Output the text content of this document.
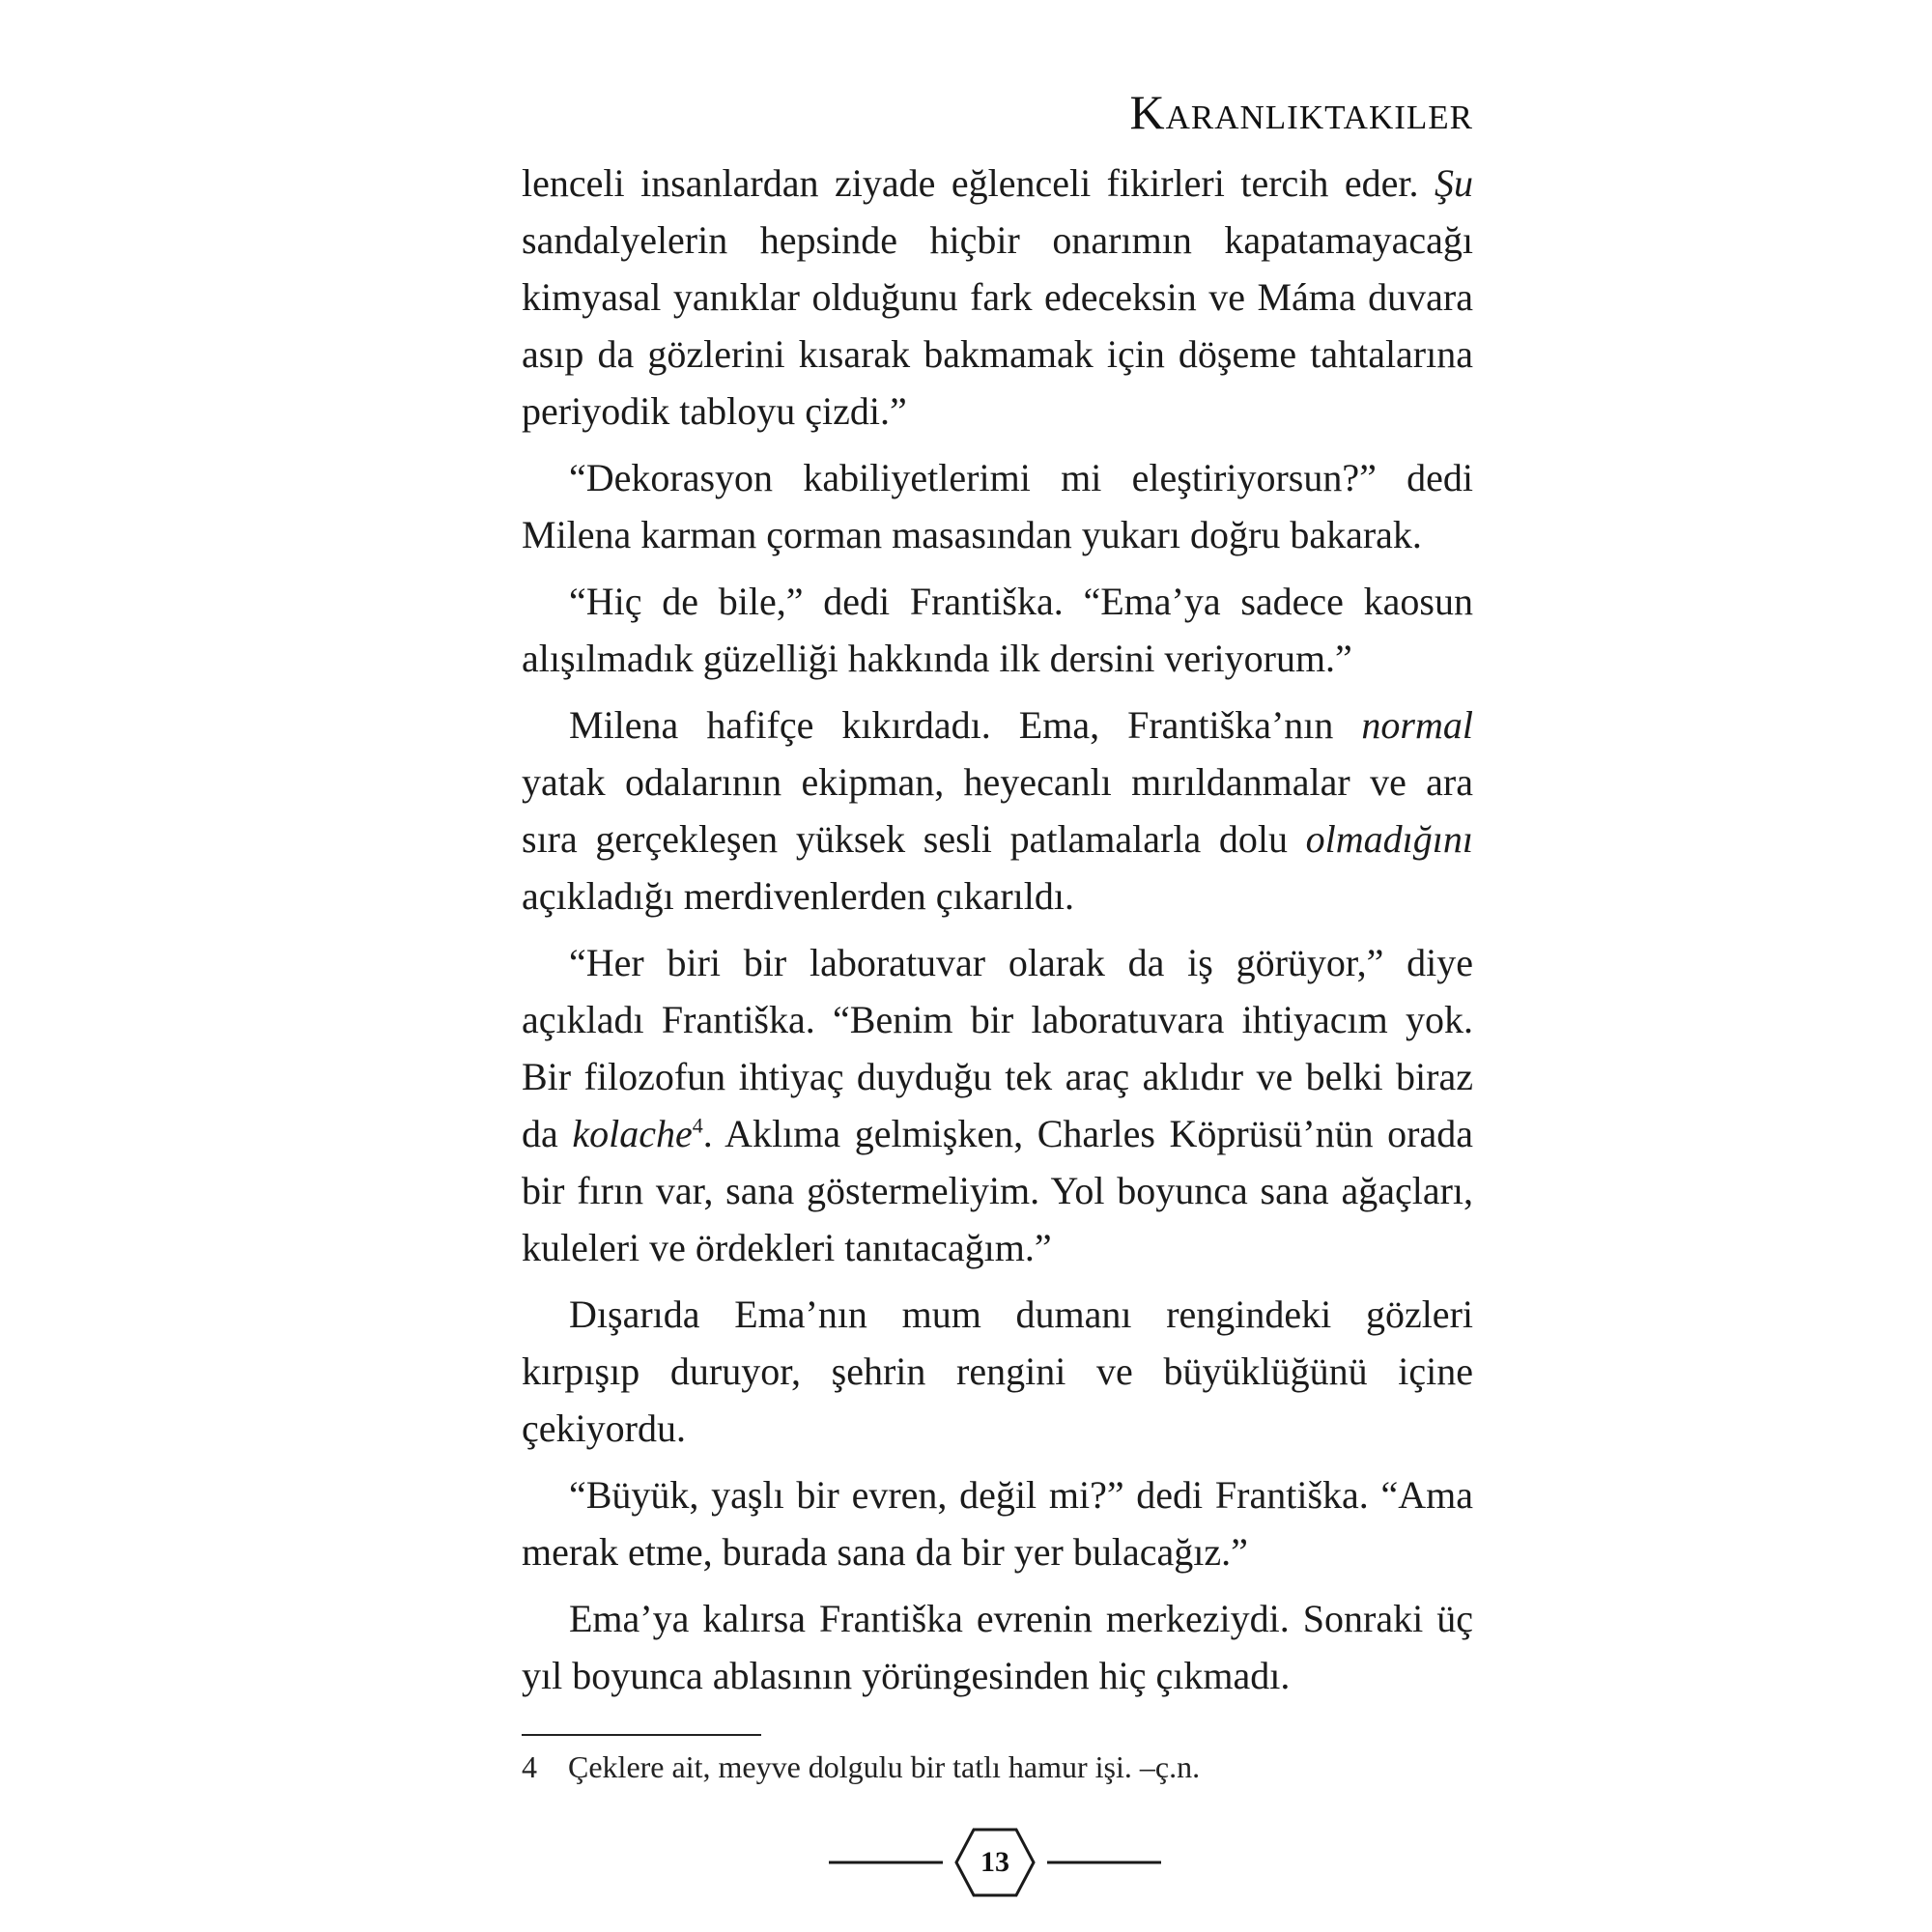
Karanlıktakiler

lenceli insanlardan ziyade eğlenceli fikirleri tercih eder. Şu sandalyelerin hepsinde hiçbir onarımın kapatamayacağı kimyasal yanıklar olduğunu fark edeceksin ve Máma duvara asıp da gözlerini kısarak bakmamak için döşeme tahtalarına periyodik tabloyu çizdi.”

“Dekorasyon kabiliyetlerimi mi eleştiriyorsun?” dedi Milena karman çorman masasından yukarı doğru bakarak.

“Hiç de bile,” dedi Františka. “Ema’ya sadece kaosun alışılmadık güzelliği hakkında ilk dersini veriyorum.”

Milena hafifçe kıkırdadı. Ema, Františka’nın normal yatak odalarının ekipman, heyecanlı mırıldanmalar ve ara sıra gerçekleşen yüksek sesli patlamalarla dolu olmadığını açıkladığı merdivenlerden çıkarıldı.

“Her biri bir laboratuvar olarak da iş görüyor,” diye açıkladı Františka. “Benim bir laboratuvara ihtiyacım yok. Bir filozofun ihtiyaç duyduğu tek araç aklıdır ve belki biraz da kolache$^4$. Aklıma gelmişken, Charles Köprüsü’nün orada bir fırın var, sana göstermeliyim. Yol boyunca sana ağaçları, kuleleri ve ördekleri tanıtacağım.”

Dışarıda Ema’nın mum dumanı rengindeki gözleri kırpışıp duruyor, şehrin rengini ve büyüklüğünü içine çekiyordu.

“Büyük, yaşlı bir evren, değil mi?” dedi Františka. “Ama merak etme, burada sana da bir yer bulacağız.”

Ema’ya kalırsa Františka evrenin merkeziydi. Sonraki üç yıl boyunca ablasının yörüngesinden hiç çıkmadı.

4 Çeklere ait, meyve dolgulu bir tatlı hamur işi. –ç.n.
13
